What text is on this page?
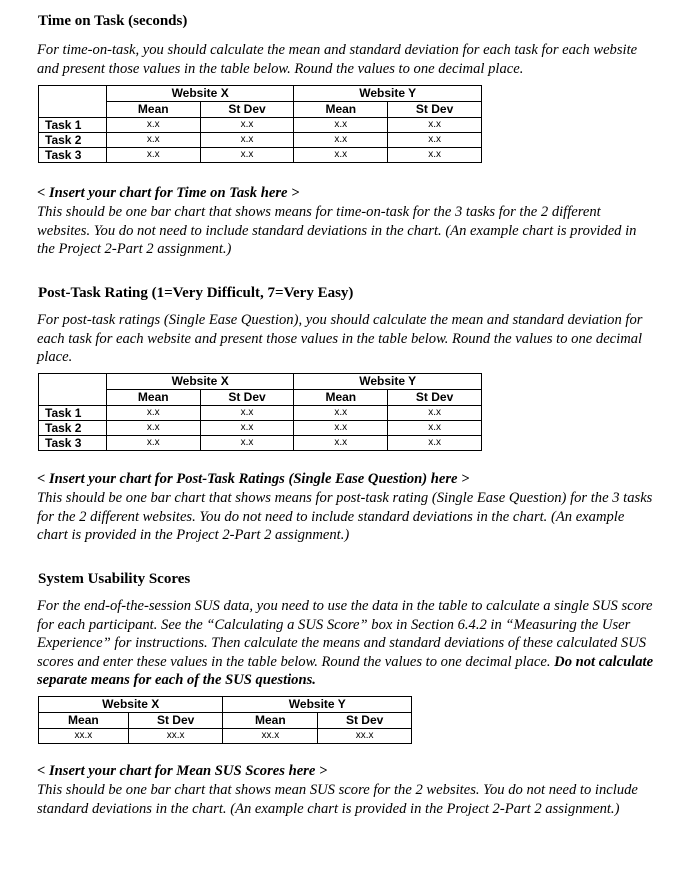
Time on Task (seconds)
For time-on-task, you should calculate the mean and standard deviation for each task for each website and present those values in the table below. Round the values to one decimal place.
	Website X		Website Y	
	Mean	St Dev	Mean	St Dev
Task 1	x.x	x.x	x.x	x.x
Task 2	x.x	x.x	x.x	x.x
Task 3	x.x	x.x	x.x	x.x
< Insert your chart for Time on Task here >
This should be one bar chart that shows means for time-on-task for the 3 tasks for the 2 different websites. You do not need to include standard deviations in the chart. (An example chart is provided in the Project 2-Part 2 assignment.)
Post-Task Rating (1=Very Difficult, 7=Very Easy)
For post-task ratings (Single Ease Question), you should calculate the mean and standard deviation for each task for each website and present those values in the table below. Round the values to one decimal place.
	Website X		Website Y	
	Mean	St Dev	Mean	St Dev
Task 1	x.x	x.x	x.x	x.x
Task 2	x.x	x.x	x.x	x.x
Task 3	x.x	x.x	x.x	x.x
< Insert your chart for Post-Task Ratings (Single Ease Question) here >
This should be one bar chart that shows means for post-task rating (Single Ease Question) for the 3 tasks for the 2 different websites. You do not need to include standard deviations in the chart. (An example chart is provided in the Project 2-Part 2 assignment.)
System Usability Scores
For the end-of-the-session SUS data, you need to use the data in the table to calculate a single SUS score for each participant. See the “Calculating a SUS Score” box in Section 6.4.2 in “Measuring the User Experience” for instructions. Then calculate the means and standard deviations of these calculated SUS scores and enter these values in the table below. Round the values to one decimal place. Do not calculate separate means for each of the SUS questions.
Website X		Website Y	
Mean	St Dev	Mean	St Dev
xx.x	xx.x	xx.x	xx.x
< Insert your chart for Mean SUS Scores here >
This should be one bar chart that shows mean SUS score for the 2 websites. You do not need to include standard deviations in the chart. (An example chart is provided in the Project 2-Part 2 assignment.)
